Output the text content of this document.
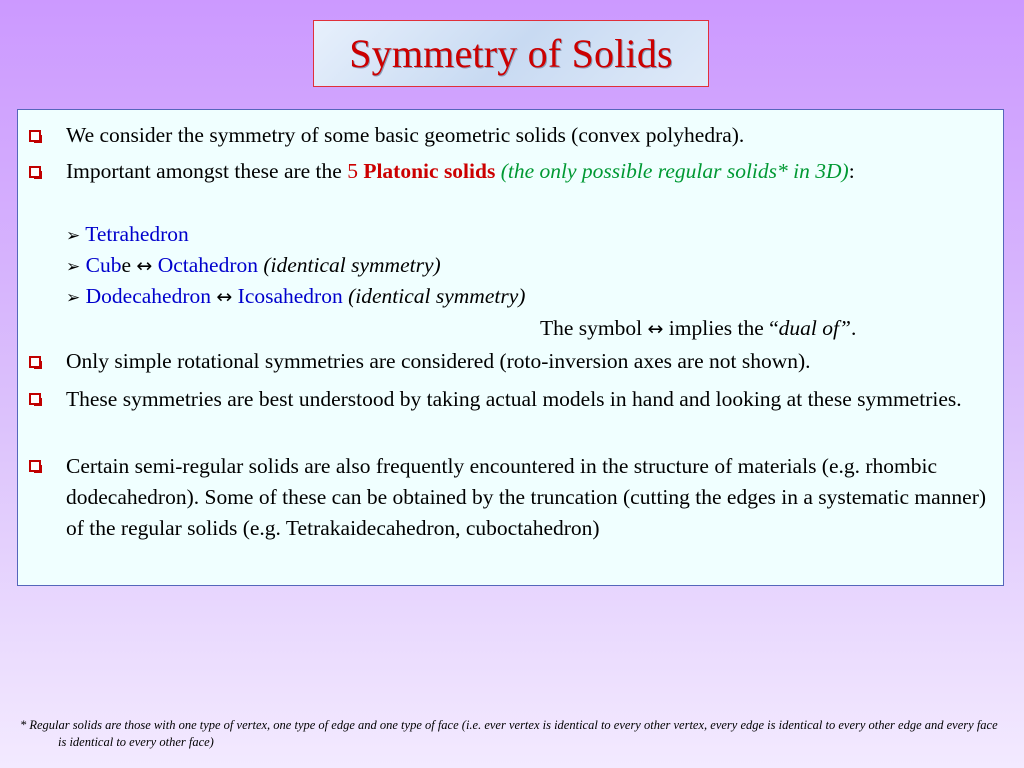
Symmetry of Solids
We consider the symmetry of some basic geometric solids (convex polyhedra).
Important amongst these are the 5 Platonic solids (the only possible regular solids* in 3D):
➢ Tetrahedron
➢ Cube ↔ Octahedron (identical symmetry)
➢ Dodecahedron ↔ Icosahedron (identical symmetry)
The symbol ↔ implies the “dual of”.
Only simple rotational symmetries are considered (roto-inversion axes are not shown).
These symmetries are best understood by taking actual models in hand and looking at these symmetries.
Certain semi-regular solids are also frequently encountered in the structure of materials (e.g. rhombic dodecahedron). Some of these can be obtained by the truncation (cutting the edges in a systematic manner) of the regular solids (e.g. Tetrakaidecahedron, cuboctahedron)
* Regular solids are those with one type of vertex, one type of edge and one type of face (i.e. ever vertex is identical to every other vertex, every edge is identical to every other edge and every face is identical to every other face)
